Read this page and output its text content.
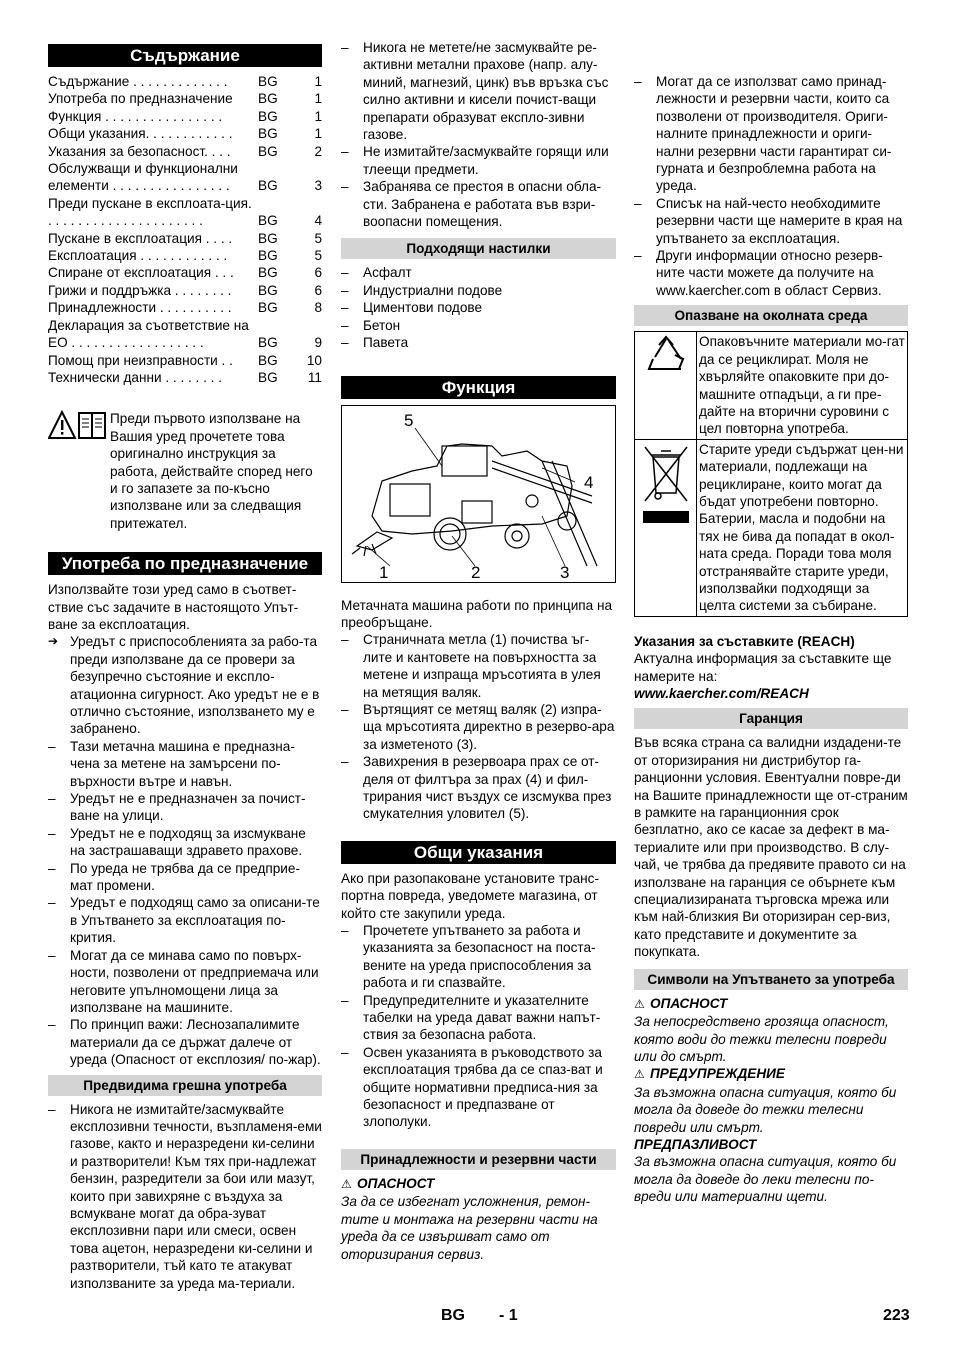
Съдържание
Съдържание . . . . . . . . . . . . .	BG	1
Употреба по предназначение	BG	1
Функция . . . . . . . . . . . . . . . .	BG	1
Общи указания. . . . . . . . . . . .	BG	1
Указания за безопасност. . . .	BG	2
Обслужващи и функционални елементи . . . . . . . . . . . . . . . .	BG	3
Преди пускане в експлоата-ция. . . . . . . . . . . . . . . . . . . . . .	BG	4
Пускане в експлоатация . . . .	BG	5
Експлоатация . . . . . . . . . . . .	BG	5
Спиране от експлоатация . . .	BG	6
Грижи и поддръжка . . . . . . . .	BG	6
Принадлежности . . . . . . . . . .	BG	8
Декларация за съответствие на ЕО . . . . . . . . . . . . . . . . . .	BG	9
Помощ при неизправности . .	BG	10
Технически данни . . . . . . . .	BG	11

Преди първото използване на Вашия уред прочетете това оригинално инструкция за работа, действайте според него и го запазете за по-късно използване или за следващия притежател.

Употреба по предназначение

Използвайте този уред само в съответ-ствие със задачите в настоящото Упът-ване за експлоатация.

➔ Уредът с приспособленията за рабо-та преди използване да се провери за безупречно състояние и експло-атационна сигурност. Ако уредът не е в отлично състояние, използването му е забранено.
– Тази метачна машина е предназна-чена за метене на замърсени по-върхности вътре и навън.
– Уредът не е предназначен за почист-ване на улици.
– Уредът не е подходящ за изсмукване на застрашаващи здравето прахове.
– По уреда не трябва да се предприе-мат промени.
– Уредът е подходящ само за описани-те в Упътването за експлоатация по-крития.
– Могат да се минава само по повърх-ности, позволени от предприемача или неговите упълномощени лица за използване на машините.
– По принцип важи: Леснозапалимите материали да се държат далече от уреда (Опасност от експлозия/ по-жар).
Предвидима грешна употреба
– Никога не измитайте/засмуквайте експлозивни течности, възпламеня-еми газове, както и неразредени ки-селини и разтворители! Към тях при-надлежат бензин, разредители за бои или мазут, които при завихряне с въздуха за всмукване могат да обра-зуват експлозивни пари или смеси, освен това ацетон, неразредени ки-селини и разтворители, тъй като те атакуват използваните за уреда ма-териали.
– Никога не метете/не засмуквайте ре-активни метални прахове (напр. алу-миний, магнезий, цинк) във връзка със силно активни и кисели почист-ващи препарати образуват експло-зивни газове.
– Не измитайте/засмуквайте горящи или тлеещи предмети.
– Забранява се престоя в опасни обла-сти. Забранена е работата във взри-воопасни помещения.
Подходящи настилки
– Асфалт
– Индустриални подове
– Циментови подове
– Бетон
– Павета
Функция
5
4
1	2	3

Метачната машина работи по принципа на преобръщане.

– Страничната метла (1) почиства ъг-лите и кантовете на повърхността за метене и изпраща мръсотията в улея на метящия валяк.
– Въртящият се метящ валяк (2) изпра-ща мръсотията директно в резерво-ара за изметеното (3).
– Завихрения в резервоара прах се от-деля от филтъра за прах (4) и фил-трирания чист въздух се изсмуква през смукателния уловител (5).
Общи указания

Ако при разопаковане установите транс-портна повреда, уведомете магазина, от който сте закупили уреда.

– Прочетете упътването за работа и указанията за безопасност на поста-вените на уреда приспособления за работа и ги спазвайте.
– Предупредителните и указателните табелки на уреда дават важни напът-ствия за безопасна работа.
– Освен указанията в ръководството за експлоатация трябва да се спаз-ват и общите нормативни предписа-ния за безопасност и предпазване от злополуки.
Принадлежности и резервни части

⚠ ОПАСНОСТ

За да се избегнат усложнения, ремон-тите и монтажа на резервни части на уреда да се извършват само от оторизирания сервиз.

– Могат да се използват само принад-лежности и резервни части, които са позволени от производителя. Ориги-налните принадлежности и ориги-нални резервни части гарантират си-гурната и безпроблемна работа на уреда.
– Списък на най-често необходимите резервни части ще намерите в края на упътването за експлоатация.
– Други информации относно резерв-ните части можете да получите на www.kaercher.com в област Сервиз.
Опазване на околната среда
	Опаковъчните материали мо-гат да се рециклират. Моля не хвърляйте опаковките при до-машните отпадъци, а ги пре-дайте на вторични суровини с цел повторна употреба.
	Старите уреди съдържат цен-ни материали, подлежащи на рециклиране, които могат да бъдат употребени повторно. Батерии, масла и подобни на тях не бива да попадат в окол-ната среда. Поради това моля отстранявайте старите уреди, използвайки подходящи за целта системи за събиране.

Указания за съставките (REACH)

Актуална информация за съставките ще намерите на:

www.kaercher.com/REACH

Гаранция

Във всяка страна са валидни издадени-те от оторизирания ни дистрибутор га-ранционни условия. Евентуални повре-ди на Вашите принадлежности ще от-страним в рамките на гаранционния срок безплатно, ако се касае за дефект в ма-териалите или при производство. В слу-чай, че трябва да предявите правото си на използване на гаранция се обърнете към специализираната търговска мрежа или към най-близкия Ви оторизиран сер-виз, като представите и документите за покупката.

Символи на Упътването за употреба

⚠ ОПАСНОСТ

За непосредствено грозяща опасност, която води до тежки телесни повреди или до смърт.

⚠ ПРЕДУПРЕЖДЕНИЕ

За възможна опасна ситуация, която би могла да доведе до тежки телесни повреди или смърт.

ПРЕДПАЗЛИВОСТ

За възможна опасна ситуация, която би могла да доведе до леки телесни по-вреди или материални щети.

BG - 1	223
